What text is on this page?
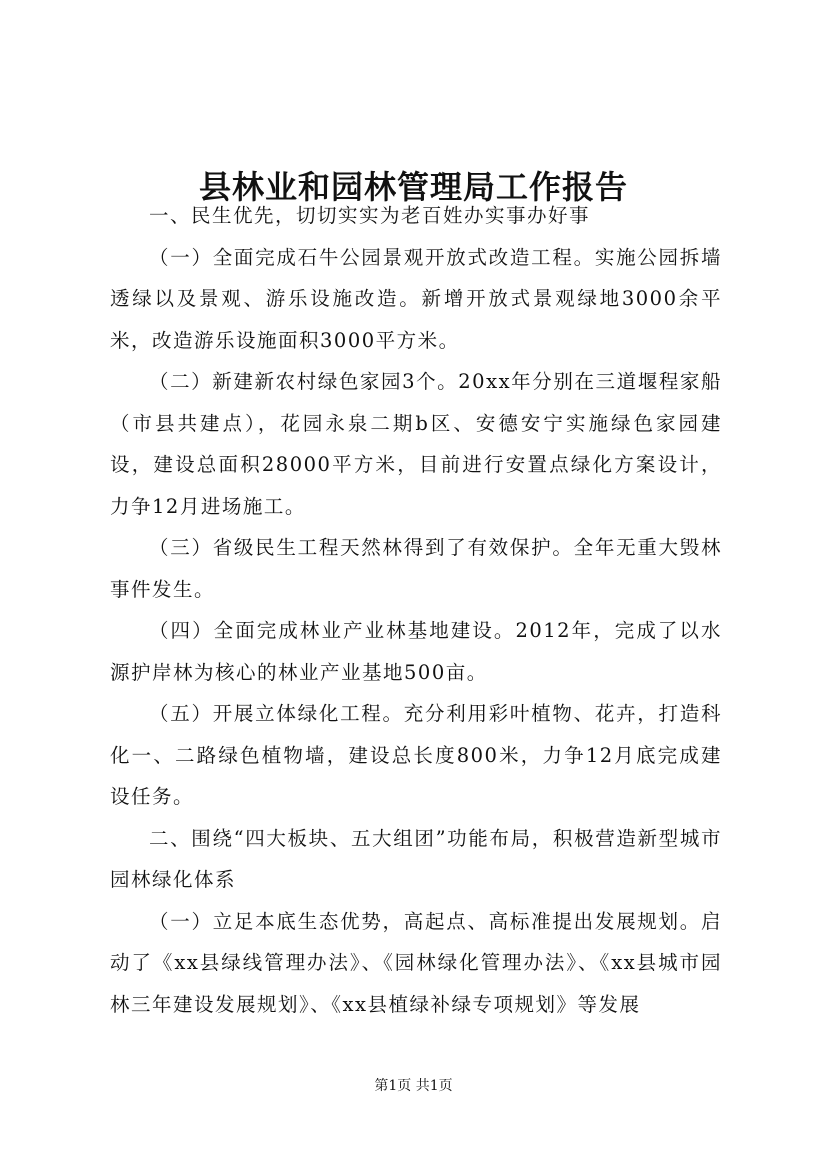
县林业和园林管理局工作报告

一、民生优先，切切实实为老百姓办实事办好事

（一）全面完成石牛公园景观开放式改造工程。实施公园拆墙透绿以及景观、游乐设施改造。新增开放式景观绿地3000余平米，改造游乐设施面积3000平方米。

（二）新建新农村绿色家园3个。20xx年分别在三道堰程家船（市县共建点），花园永泉二期b区、安德安宁实施绿色家园建设，建设总面积28000平方米，目前进行安置点绿化方案设计，力争12月进场施工。

（三）省级民生工程天然林得到了有效保护。全年无重大毁林事件发生。

（四）全面完成林业产业林基地建设。2012年，完成了以水源护岸林为核心的林业产业基地500亩。

（五）开展立体绿化工程。充分利用彩叶植物、花卉，打造科化一、二路绿色植物墙，建设总长度800米，力争12月底完成建设任务。

二、围绕“四大板块、五大组团”功能布局，积极营造新型城市园林绿化体系

（一）立足本底生态优势，高起点、高标准提出发展规划。启动了《xx县绿线管理办法》、《园林绿化管理办法》、《xx县城市园林三年建设发展规划》、《xx县植绿补绿专项规划》等发展

第1页 共1页
